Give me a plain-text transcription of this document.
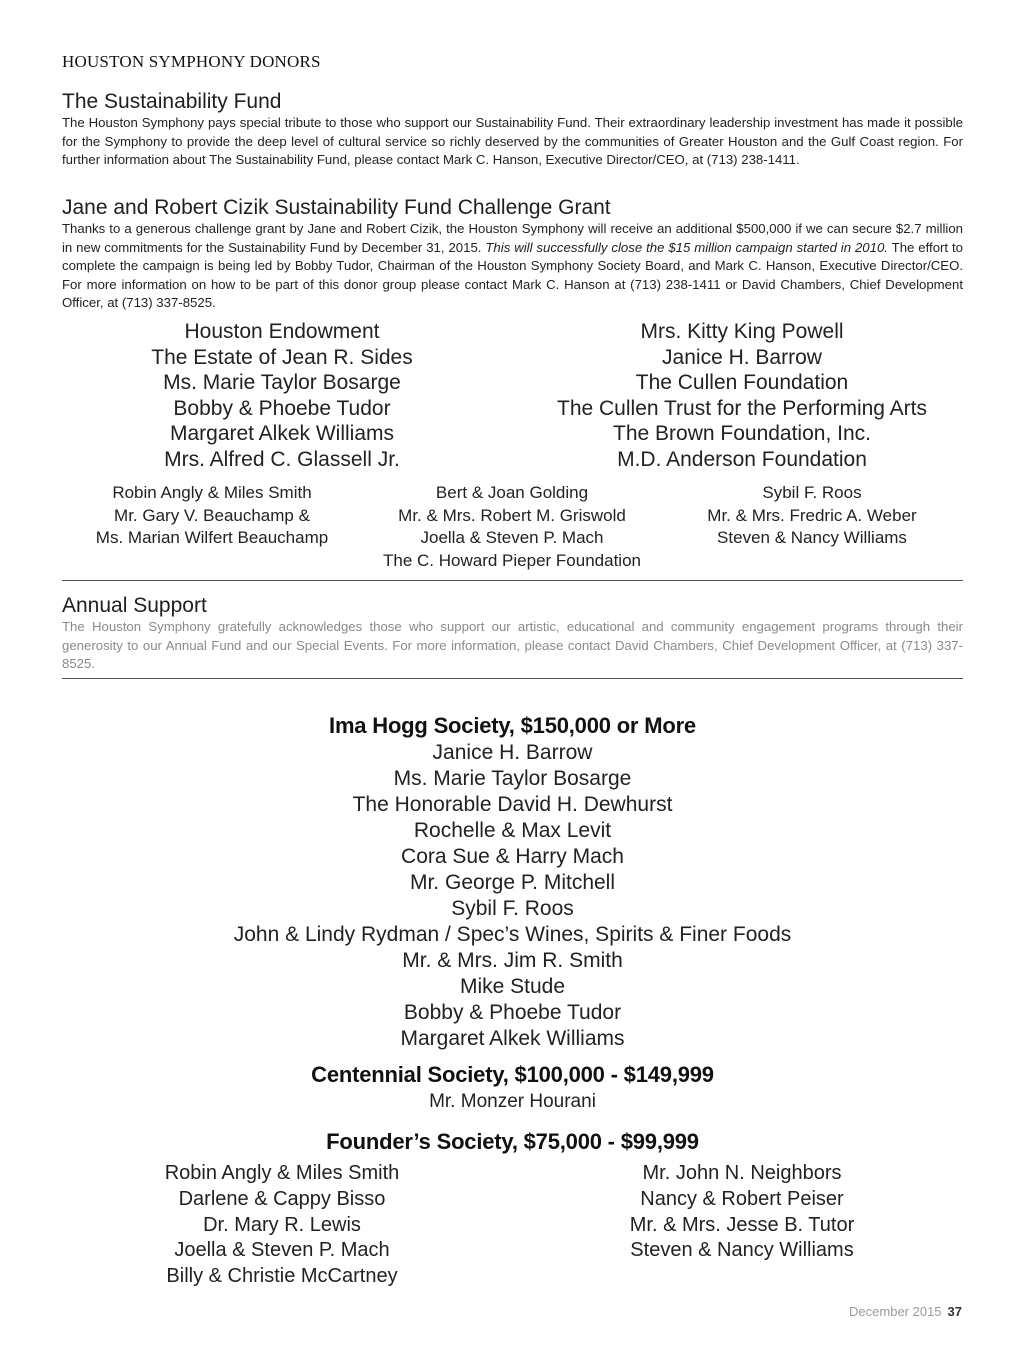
HOUSTON SYMPHONY DONORS
The Sustainability Fund
The Houston Symphony pays special tribute to those who support our Sustainability Fund. Their extraordinary leadership investment has made it possible for the Symphony to provide the deep level of cultural service so richly deserved by the communities of Greater Houston and the Gulf Coast region. For further information about The Sustainability Fund, please contact Mark C. Hanson, Executive Director/CEO, at (713) 238-1411.
Jane and Robert Cizik Sustainability Fund Challenge Grant
Thanks to a generous challenge grant by Jane and Robert Cizik, the Houston Symphony will receive an additional $500,000 if we can secure $2.7 million in new commitments for the Sustainability Fund by December 31, 2015. This will successfully close the $15 million campaign started in 2010. The effort to complete the campaign is being led by Bobby Tudor, Chairman of the Houston Symphony Society Board, and Mark C. Hanson, Executive Director/CEO. For more information on how to be part of this donor group please contact Mark C. Hanson at (713) 238-1411 or David Chambers, Chief Development Officer, at (713) 337-8525.
Houston Endowment
The Estate of Jean R. Sides
Ms. Marie Taylor Bosarge
Bobby & Phoebe Tudor
Margaret Alkek Williams
Mrs. Alfred C. Glassell Jr.
Mrs. Kitty King Powell
Janice H. Barrow
The Cullen Foundation
The Cullen Trust for the Performing Arts
The Brown Foundation, Inc.
M.D. Anderson Foundation
Robin Angly & Miles Smith
Mr. Gary V. Beauchamp &
Ms. Marian Wilfert Beauchamp
Bert & Joan Golding
Mr. & Mrs. Robert M. Griswold
Joella & Steven P. Mach
The C. Howard Pieper Foundation
Sybil F. Roos
Mr. & Mrs. Fredric A. Weber
Steven & Nancy Williams
Annual Support
The Houston Symphony gratefully acknowledges those who support our artistic, educational and community engagement programs through their generosity to our Annual Fund and our Special Events. For more information, please contact David Chambers, Chief Development Officer, at (713) 337-8525.
Ima Hogg Society, $150,000 or More
Janice H. Barrow
Ms. Marie Taylor Bosarge
The Honorable David H. Dewhurst
Rochelle & Max Levit
Cora Sue & Harry Mach
Mr. George P. Mitchell
Sybil F. Roos
John & Lindy Rydman / Spec’s Wines, Spirits & Finer Foods
Mr. & Mrs. Jim R. Smith
Mike Stude
Bobby & Phoebe Tudor
Margaret Alkek Williams
Centennial Society, $100,000 - $149,999
Mr. Monzer Hourani
Founder’s Society, $75,000 - $99,999
Robin Angly & Miles Smith
Darlene & Cappy Bisso
Dr. Mary R. Lewis
Joella & Steven P. Mach
Billy & Christie McCartney
Mr. John N. Neighbors
Nancy & Robert Peiser
Mr. & Mrs. Jesse B. Tutor
Steven & Nancy Williams
December 2015 37
